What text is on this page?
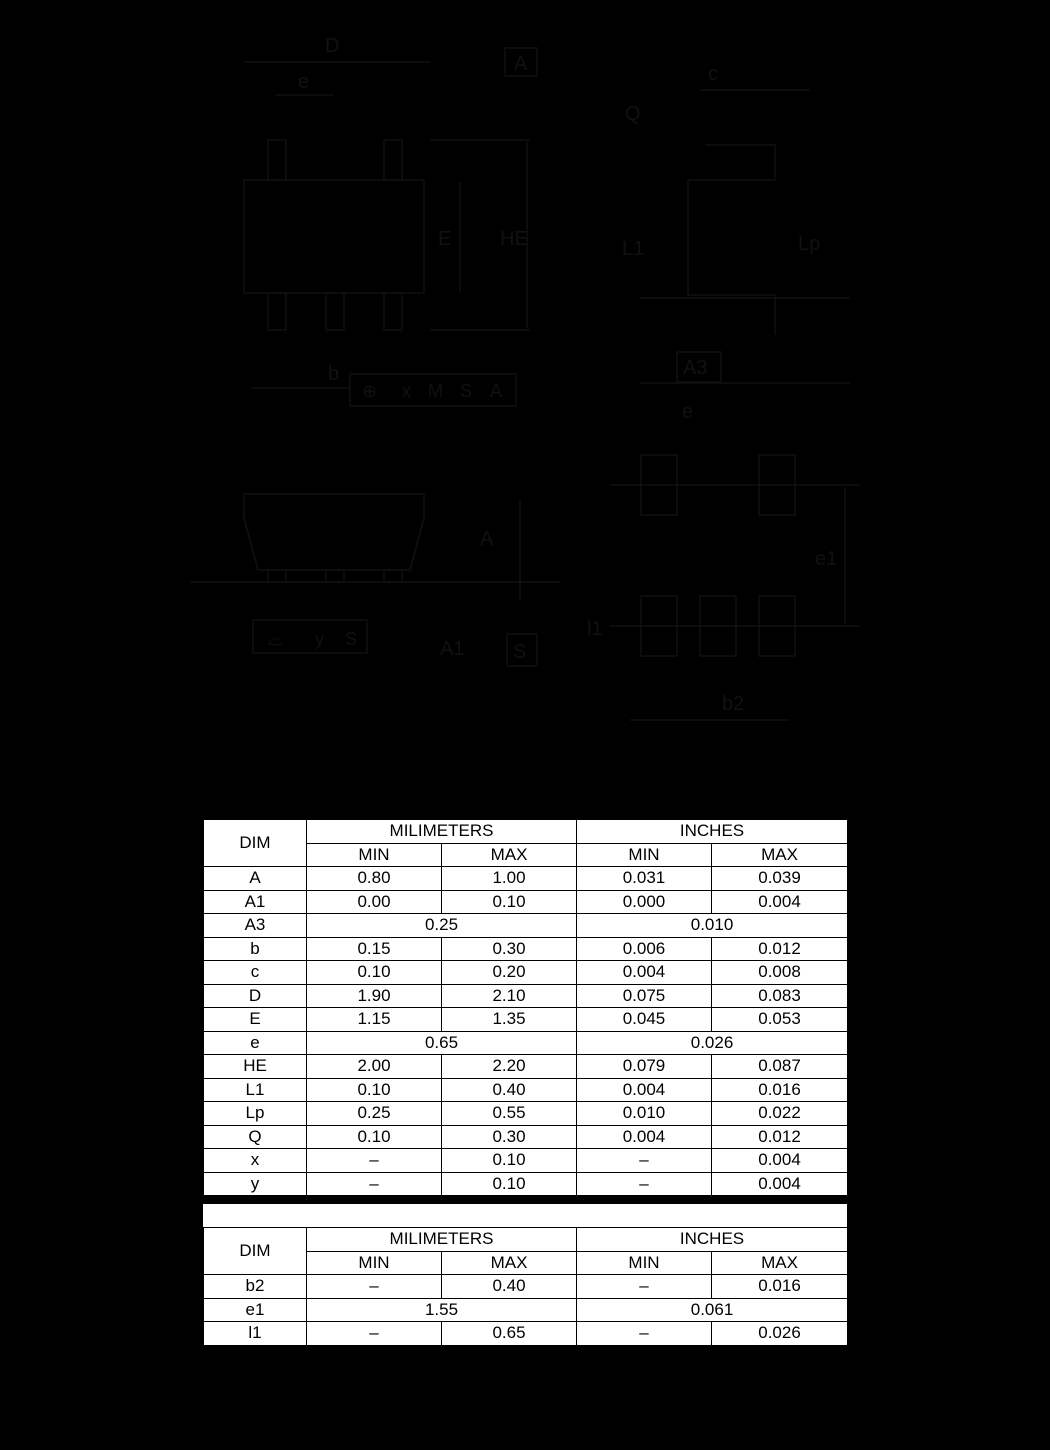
D
A
e
E HE
b
Q
c
L1	Lp
A3
A
A1 S
e
e1
l1
b2
⊕ x M S A
⌓ y S
DIM	MILIMETERS		INCHES	
	MIN	MAX	MIN	MAX
A	0.80	1.00	0.031	0.039
A1	0.00	0.10	0.000	0.004
A3	0.25		0.010	
b	0.15	0.30	0.006	0.012
c	0.10	0.20	0.004	0.008
D	1.90	2.10	0.075	0.083
E	1.15	1.35	0.045	0.053
e	0.65		0.026	
HE	2.00	2.20	0.079	0.087
L1	0.10	0.40	0.004	0.016
Lp	0.25	0.55	0.010	0.022
Q	0.10	0.30	0.004	0.012
x	–	0.10	–	0.004
y	–	0.10	–	0.004
DIM	MILIMETERS		INCHES	
	MIN	MAX	MIN	MAX
b2	–	0.40	–	0.016
e1	1.55		0.061	
l1	–	0.65	–	0.026
